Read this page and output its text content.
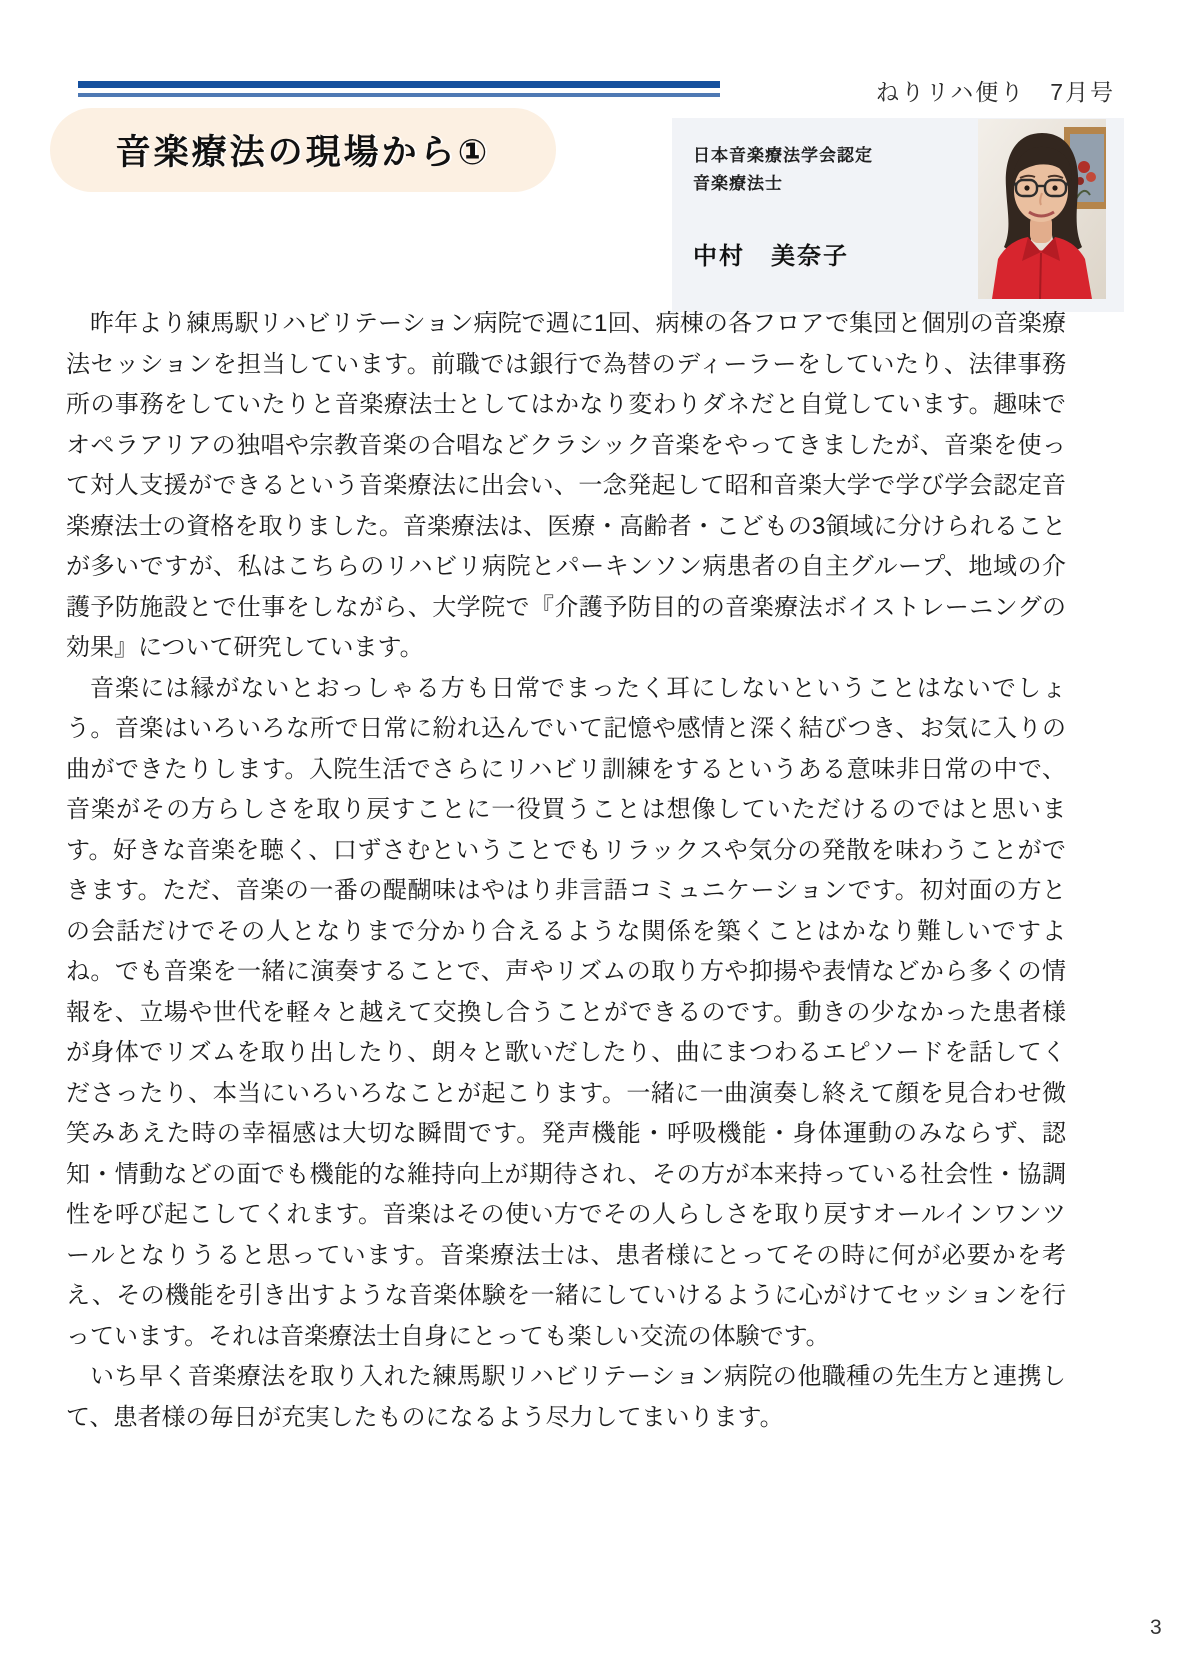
ねりリハ便り　7月号
音楽療法の現場から①	日本音楽療法学会認定
音楽療法士
中村　美奈子

昨年より練馬駅リハビリテーション病院で週に1回、病棟の各フロアで集団と個別の音楽療法セッションを担当しています。前職では銀行で為替のディーラーをしていたり、法律事務所の事務をしていたりと音楽療法士としてはかなり変わりダネだと自覚しています。趣味でオペラアリアの独唱や宗教音楽の合唱などクラシック音楽をやってきましたが、音楽を使って対人支援ができるという音楽療法に出会い、一念発起して昭和音楽大学で学び学会認定音楽療法士の資格を取りました。音楽療法は、医療・高齢者・こどもの3領域に分けられることが多いですが、私はこちらのリハビリ病院とパーキンソン病患者の自主グループ、地域の介護予防施設とで仕事をしながら、大学院で『介護予防目的の音楽療法ボイストレーニングの効果』について研究しています。

音楽には縁がないとおっしゃる方も日常でまったく耳にしないということはないでしょう。音楽はいろいろな所で日常に紛れ込んでいて記憶や感情と深く結びつき、お気に入りの曲ができたりします。入院生活でさらにリハビリ訓練をするというある意味非日常の中で、音楽がその方らしさを取り戻すことに一役買うことは想像していただけるのではと思います。好きな音楽を聴く、口ずさむということでもリラックスや気分の発散を味わうことができます。ただ、音楽の一番の醍醐味はやはり非言語コミュニケーションです。初対面の方との会話だけでその人となりまで分かり合えるような関係を築くことはかなり難しいですよね。でも音楽を一緒に演奏することで、声やリズムの取り方や抑揚や表情などから多くの情報を、立場や世代を軽々と越えて交換し合うことができるのです。動きの少なかった患者様が身体でリズムを取り出したり、朗々と歌いだしたり、曲にまつわるエピソードを話してくださったり、本当にいろいろなことが起こります。一緒に一曲演奏し終えて顔を見合わせ微笑みあえた時の幸福感は大切な瞬間です。発声機能・呼吸機能・身体運動のみならず、認知・情動などの面でも機能的な維持向上が期待され、その方が本来持っている社会性・協調性を呼び起こしてくれます。音楽はその使い方でその人らしさを取り戻すオールインワンツールとなりうると思っています。音楽療法士は、患者様にとってその時に何が必要かを考え、その機能を引き出すような音楽体験を一緒にしていけるように心がけてセッションを行っています。それは音楽療法士自身にとっても楽しい交流の体験です。

いち早く音楽療法を取り入れた練馬駅リハビリテーション病院の他職種の先生方と連携して、患者様の毎日が充実したものになるよう尽力してまいります。

3
